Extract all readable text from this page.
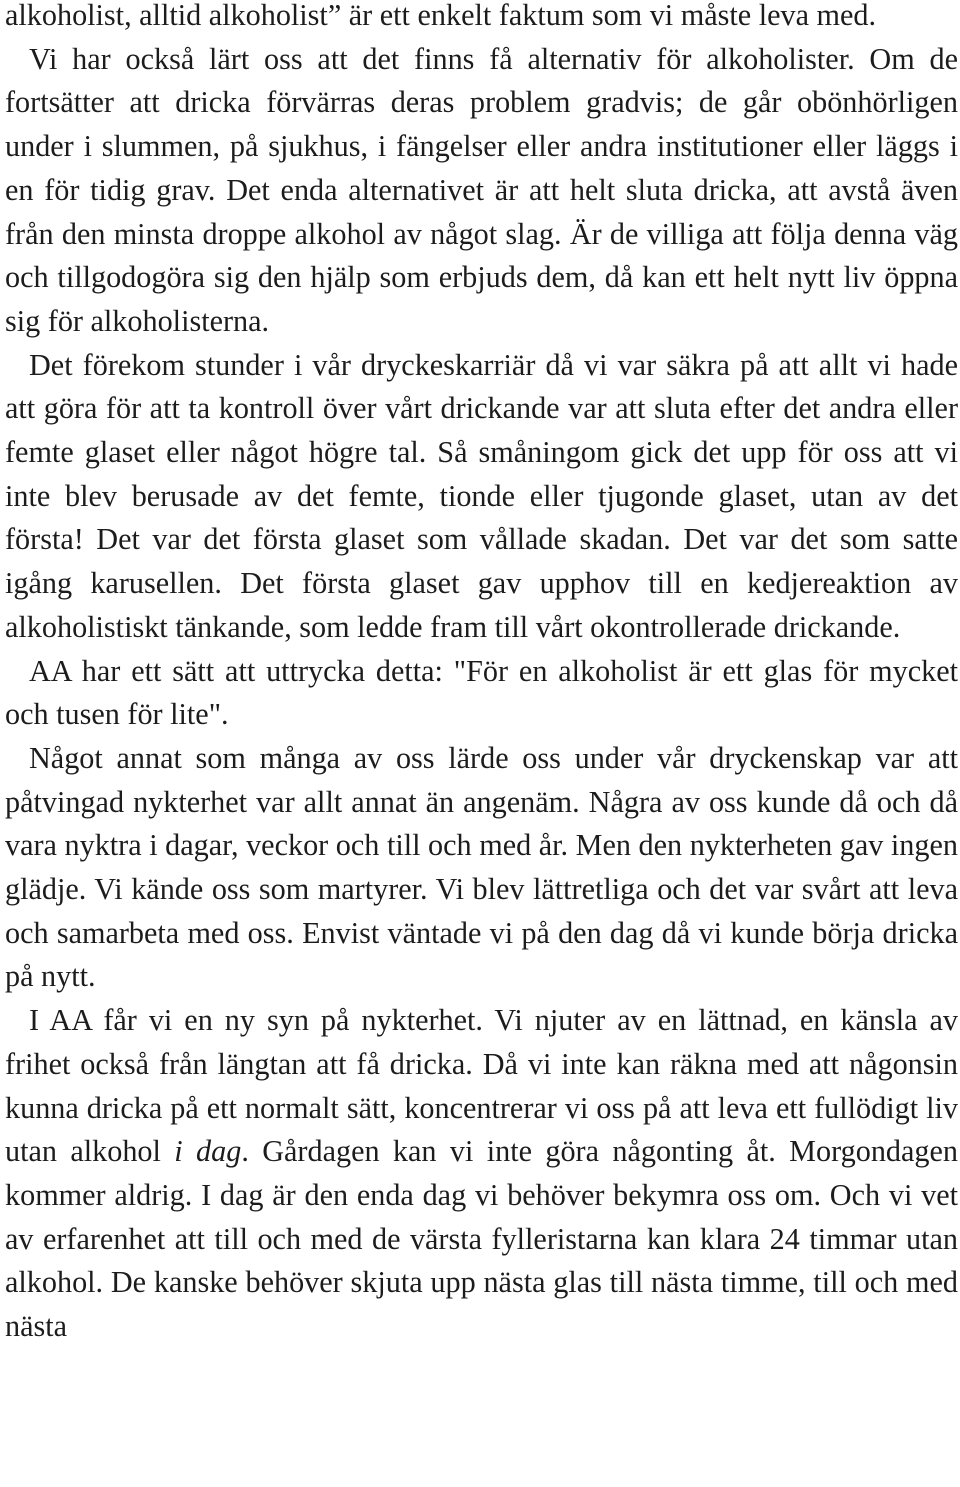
alkoholist, alltid alkoholist” är ett enkelt faktum som vi måste leva med.

Vi har också lärt oss att det finns få alternativ för alkoholister. Om de fortsätter att dricka förvärras deras problem gradvis; de går obönhörligen under i slummen, på sjukhus, i fängelser eller andra institutioner eller läggs i en för tidig grav. Det enda alternativet är att helt sluta dricka, att avstå även från den minsta droppe alkohol av något slag. Är de villiga att följa denna väg och tillgodogöra sig den hjälp som erbjuds dem, då kan ett helt nytt liv öppna sig för alkoholisterna.

Det förekom stunder i vår dryckeskarriär då vi var säkra på att allt vi hade att göra för att ta kontroll över vårt drickande var att sluta efter det andra eller femte glaset eller något högre tal. Så småningom gick det upp för oss att vi inte blev berusade av det femte, tionde eller tjugonde glaset, utan av det första! Det var det första glaset som vållade skadan. Det var det som satte igång karusellen. Det första glaset gav upphov till en kedjereaktion av alkoholistiskt tänkande, som ledde fram till vårt okontrollerade drickande.

AA har ett sätt att uttrycka detta: "För en alkoholist är ett glas för mycket och tusen för lite".

Något annat som många av oss lärde oss under vår dryckenskap var att påtvingad nykterhet var allt annat än angenäm. Några av oss kunde då och då vara nyktra i dagar, veckor och till och med år. Men den nykterheten gav ingen glädje. Vi kände oss som martyrer. Vi blev lättretliga och det var svårt att leva och samarbeta med oss. Envist väntade vi på den dag då vi kunde börja dricka på nytt.

I AA får vi en ny syn på nykterhet. Vi njuter av en lättnad, en känsla av frihet också från längtan att få dricka. Då vi inte kan räkna med att någonsin kunna dricka på ett normalt sätt, koncentrerar vi oss på att leva ett fullödigt liv utan alkohol i dag. Gårdagen kan vi inte göra någonting åt. Morgondagen kommer aldrig. I dag är den enda dag vi behöver bekymra oss om. Och vi vet av erfarenhet att till och med de värsta fylleristarna kan klara 24 timmar utan alkohol. De kanske behöver skjuta upp nästa glas till nästa timme, till och med nästa
